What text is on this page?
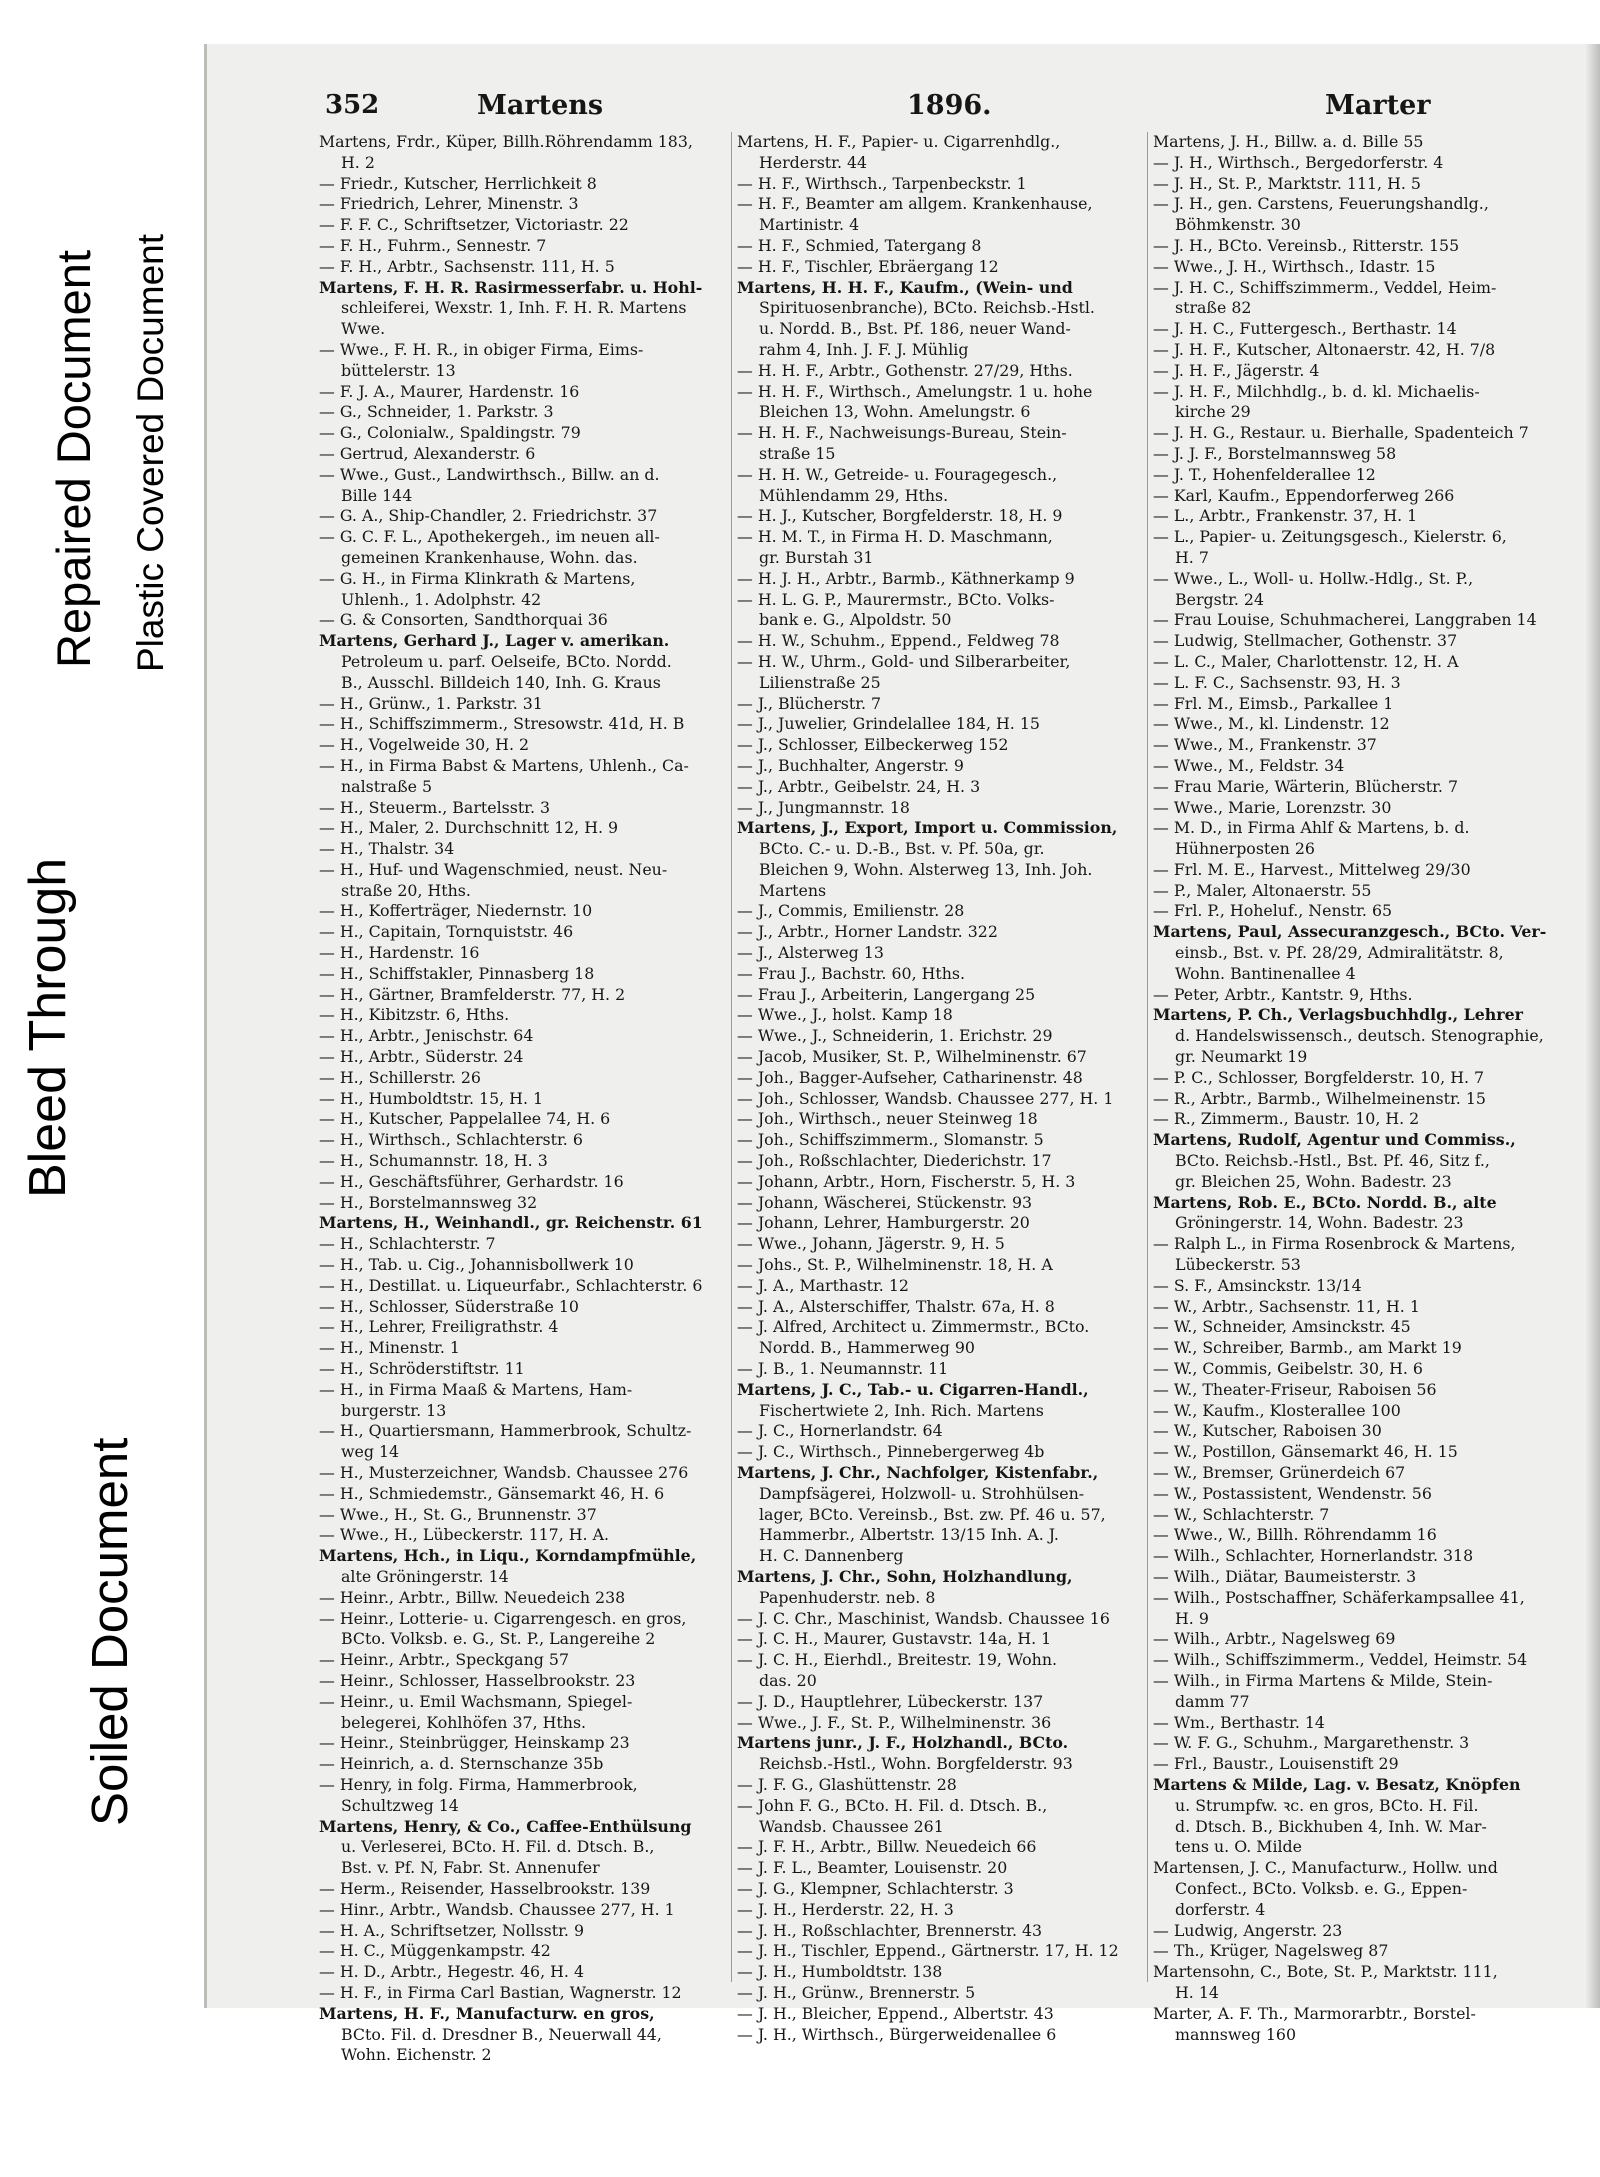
Bleed Through
Repaired Document Plastic Covered Document
Soiled Document
352	Martens	1896.	Marter
Martens, Frdr., Küper, Billh.Röhrendamm 183,
H. 2
— Friedr., Kutscher, Herrlichkeit 8
— Friedrich, Lehrer, Minenstr. 3
— F. F. C., Schriftsetzer, Victoriastr. 22
— F. H., Fuhrm., Sennestr. 7
— F. H., Arbtr., Sachsenstr. 111, H. 5
Martens, F. H. R. Rasirmesserfabr. u. Hohl-
schleiferei, Wexstr. 1, Inh. F. H. R. Martens
Wwe.
— Wwe., F. H. R., in obiger Firma, Eims-
büttelerstr. 13
— F. J. A., Maurer, Hardenstr. 16
— G., Schneider, 1. Parkstr. 3
— G., Colonialw., Spaldingstr. 79
— Gertrud, Alexanderstr. 6
— Wwe., Gust., Landwirthsch., Billw. an d.
Bille 144
— G. A., Ship-Chandler, 2. Friedrichstr. 37
— G. C. F. L., Apothekergeh., im neuen all-
gemeinen Krankenhause, Wohn. das.
— G. H., in Firma Klinkrath & Martens,
Uhlenh., 1. Adolphstr. 42
— G. & Consorten, Sandthorquai 36
Martens, Gerhard J., Lager v. amerikan.
Petroleum u. parf. Oelseife, BCto. Nordd.
B., Ausschl. Billdeich 140, Inh. G. Kraus
— H., Grünw., 1. Parkstr. 31
— H., Schiffszimmerm., Stresowstr. 41d, H. B
— H., Vogelweide 30, H. 2
— H., in Firma Babst & Martens, Uhlenh., Ca-
nalstraße 5
— H., Steuerm., Bartelsstr. 3
— H., Maler, 2. Durchschnitt 12, H. 9
— H., Thalstr. 34
— H., Huf- und Wagenschmied, neust. Neu-
straße 20, Hths.
— H., Kofferträger, Niedernstr. 10
— H., Capitain, Tornquiststr. 46
— H., Hardenstr. 16
— H., Schiffstakler, Pinnasberg 18
— H., Gärtner, Bramfelderstr. 77, H. 2
— H., Kibitzstr. 6, Hths.
— H., Arbtr., Jenischstr. 64
— H., Arbtr., Süderstr. 24
— H., Schillerstr. 26
— H., Humboldtstr. 15, H. 1
— H., Kutscher, Pappelallee 74, H. 6
— H., Wirthsch., Schlachterstr. 6
— H., Schumannstr. 18, H. 3
— H., Geschäftsführer, Gerhardstr. 16
— H., Borstelmannsweg 32
Martens, H., Weinhandl., gr. Reichenstr. 61
— H., Schlachterstr. 7
— H., Tab. u. Cig., Johannisbollwerk 10
— H., Destillat. u. Liqueurfabr., Schlachterstr. 6
— H., Schlosser, Süderstraße 10
— H., Lehrer, Freiligrathstr. 4
— H., Minenstr. 1
— H., Schröderstiftstr. 11
— H., in Firma Maaß & Martens, Ham-
burgerstr. 13
— H., Quartiersmann, Hammerbrook, Schultz-
weg 14
— H., Musterzeichner, Wandsb. Chaussee 276
— H., Schmiedemstr., Gänsemarkt 46, H. 6
— Wwe., H., St. G., Brunnenstr. 37
— Wwe., H., Lübeckerstr. 117, H. A.
Martens, Hch., in Liqu., Korndampfmühle,
alte Gröningerstr. 14
— Heinr., Arbtr., Billw. Neuedeich 238
— Heinr., Lotterie- u. Cigarrengesch. en gros,
BCto. Volksb. e. G., St. P., Langereihe 2
— Heinr., Arbtr., Speckgang 57
— Heinr., Schlosser, Hasselbrookstr. 23
— Heinr., u. Emil Wachsmann, Spiegel-
belegerei, Kohlhöfen 37, Hths.
— Heinr., Steinbrügger, Heinskamp 23
— Heinrich, a. d. Sternschanze 35b
— Henry, in folg. Firma, Hammerbrook,
Schultzweg 14
Martens, Henry, & Co., Caffee-Enthülsung
u. Verleserei, BCto. H. Fil. d. Dtsch. B.,
Bst. v. Pf. N, Fabr. St. Annenufer
— Herm., Reisender, Hasselbrookstr. 139
— Hinr., Arbtr., Wandsb. Chaussee 277, H. 1
— H. A., Schriftsetzer, Nollsstr. 9
— H. C., Müggenkampstr. 42
— H. D., Arbtr., Hegestr. 46, H. 4
— H. F., in Firma Carl Bastian, Wagnerstr. 12
Martens, H. F., Manufacturw. en gros,
BCto. Fil. d. Dresdner B., Neuerwall 44,
Wohn. Eichenstr. 2
Martens, H. F., Papier- u. Cigarrenhdlg.,
Herderstr. 44
— H. F., Wirthsch., Tarpenbeckstr. 1
— H. F., Beamter am allgem. Krankenhause,
Martinistr. 4
— H. F., Schmied, Tatergang 8
— H. F., Tischler, Ebräergang 12
Martens, H. H. F., Kaufm., (Wein- und
Spirituosenbranche), BCto. Reichsb.-Hstl.
u. Nordd. B., Bst. Pf. 186, neuer Wand-
rahm 4, Inh. J. F. J. Mühlig
— H. H. F., Arbtr., Gothenstr. 27/29, Hths.
— H. H. F., Wirthsch., Amelungstr. 1 u. hohe
Bleichen 13, Wohn. Amelungstr. 6
— H. H. F., Nachweisungs-Bureau, Stein-
straße 15
— H. H. W., Getreide- u. Fouragegesch.,
Mühlendamm 29, Hths.
— H. J., Kutscher, Borgfelderstr. 18, H. 9
— H. M. T., in Firma H. D. Maschmann,
gr. Burstah 31
— H. J. H., Arbtr., Barmb., Käthnerkamp 9
— H. L. G. P., Maurermstr., BCto. Volks-
bank e. G., Alpoldstr. 50
— H. W., Schuhm., Eppend., Feldweg 78
— H. W., Uhrm., Gold- und Silberarbeiter,
Lilienstraße 25
— J., Blücherstr. 7
— J., Juwelier, Grindelallee 184, H. 15
— J., Schlosser, Eilbeckerweg 152
— J., Buchhalter, Angerstr. 9
— J., Arbtr., Geibelstr. 24, H. 3
— J., Jungmannstr. 18
Martens, J., Export, Import u. Commission,
BCto. C.- u. D.-B., Bst. v. Pf. 50a, gr.
Bleichen 9, Wohn. Alsterweg 13, Inh. Joh.
Martens
— J., Commis, Emilienstr. 28
— J., Arbtr., Horner Landstr. 322
— J., Alsterweg 13
— Frau J., Bachstr. 60, Hths.
— Frau J., Arbeiterin, Langergang 25
— Wwe., J., holst. Kamp 18
— Wwe., J., Schneiderin, 1. Erichstr. 29
— Jacob, Musiker, St. P., Wilhelminenstr. 67
— Joh., Bagger-Aufseher, Catharinenstr. 48
— Joh., Schlosser, Wandsb. Chaussee 277, H. 1
— Joh., Wirthsch., neuer Steinweg 18
— Joh., Schiffszimmerm., Slomanstr. 5
— Joh., Roßschlachter, Diederichstr. 17
— Johann, Arbtr., Horn, Fischerstr. 5, H. 3
— Johann, Wäscherei, Stückenstr. 93
— Johann, Lehrer, Hamburgerstr. 20
— Wwe., Johann, Jägerstr. 9, H. 5
— Johs., St. P., Wilhelminenstr. 18, H. A
— J. A., Marthastr. 12
— J. A., Alsterschiffer, Thalstr. 67a, H. 8
— J. Alfred, Architect u. Zimmermstr., BCto.
Nordd. B., Hammerweg 90
— J. B., 1. Neumannstr. 11
Martens, J. C., Tab.- u. Cigarren-Handl.,
Fischertwiete 2, Inh. Rich. Martens
— J. C., Hornerlandstr. 64
— J. C., Wirthsch., Pinnebergerweg 4b
Martens, J. Chr., Nachfolger, Kistenfabr.,
Dampfsägerei, Holzwoll- u. Strohhülsen-
lager, BCto. Vereinsb., Bst. zw. Pf. 46 u. 57,
Hammerbr., Albertstr. 13/15 Inh. A. J.
H. C. Dannenberg
Martens, J. Chr., Sohn, Holzhandlung,
Papenhuderstr. neb. 8
— J. C. Chr., Maschinist, Wandsb. Chaussee 16
— J. C. H., Maurer, Gustavstr. 14a, H. 1
— J. C. H., Eierhdl., Breitestr. 19, Wohn.
das. 20
— J. D., Hauptlehrer, Lübeckerstr. 137
— Wwe., J. F., St. P., Wilhelminenstr. 36
Martens junr., J. F., Holzhandl., BCto.
Reichsb.-Hstl., Wohn. Borgfelderstr. 93
— J. F. G., Glashüttenstr. 28
— John F. G., BCto. H. Fil. d. Dtsch. B.,
Wandsb. Chaussee 261
— J. F. H., Arbtr., Billw. Neuedeich 66
— J. F. L., Beamter, Louisenstr. 20
— J. G., Klempner, Schlachterstr. 3
— J. H., Herderstr. 22, H. 3
— J. H., Roßschlachter, Brennerstr. 43
— J. H., Tischler, Eppend., Gärtnerstr. 17, H. 12
— J. H., Humboldtstr. 138
— J. H., Grünw., Brennerstr. 5
— J. H., Bleicher, Eppend., Albertstr. 43
— J. H., Wirthsch., Bürgerweidenallee 6
Martens, J. H., Billw. a. d. Bille 55
— J. H., Wirthsch., Bergedorferstr. 4
— J. H., St. P., Marktstr. 111, H. 5
— J. H., gen. Carstens, Feuerungshandlg.,
Böhmkenstr. 30
— J. H., BCto. Vereinsb., Ritterstr. 155
— Wwe., J. H., Wirthsch., Idastr. 15
— J. H. C., Schiffszimmerm., Veddel, Heim-
straße 82
— J. H. C., Futtergesch., Berthastr. 14
— J. H. F., Kutscher, Altonaerstr. 42, H. 7/8
— J. H. F., Jägerstr. 4
— J. H. F., Milchhdlg., b. d. kl. Michaelis-
kirche 29
— J. H. G., Restaur. u. Bierhalle, Spadenteich 7
— J. J. F., Borstelmannsweg 58
— J. T., Hohenfelderallee 12
— Karl, Kaufm., Eppendorferweg 266
— L., Arbtr., Frankenstr. 37, H. 1
— L., Papier- u. Zeitungsgesch., Kielerstr. 6,
H. 7
— Wwe., L., Woll- u. Hollw.-Hdlg., St. P.,
Bergstr. 24
— Frau Louise, Schuhmacherei, Langgraben 14
— Ludwig, Stellmacher, Gothenstr. 37
— L. C., Maler, Charlottenstr. 12, H. A
— L. F. C., Sachsenstr. 93, H. 3
— Frl. M., Eimsb., Parkallee 1
— Wwe., M., kl. Lindenstr. 12
— Wwe., M., Frankenstr. 37
— Wwe., M., Feldstr. 34
— Frau Marie, Wärterin, Blücherstr. 7
— Wwe., Marie, Lorenzstr. 30
— M. D., in Firma Ahlf & Martens, b. d.
Hühnerposten 26
— Frl. M. E., Harvest., Mittelweg 29/30
— P., Maler, Altonaerstr. 55
— Frl. P., Hoheluf., Nenstr. 65
Martens, Paul, Assecuranzgesch., BCto. Ver-
einsb., Bst. v. Pf. 28/29, Admiralitätstr. 8,
Wohn. Bantinenallee 4
— Peter, Arbtr., Kantstr. 9, Hths.
Martens, P. Ch., Verlagsbuchhdlg., Lehrer
d. Handelswissensch., deutsch. Stenographie,
gr. Neumarkt 19
— P. C., Schlosser, Borgfelderstr. 10, H. 7
— R., Arbtr., Barmb., Wilhelmeinenstr. 15
— R., Zimmerm., Baustr. 10, H. 2
Martens, Rudolf, Agentur und Commiss.,
BCto. Reichsb.-Hstl., Bst. Pf. 46, Sitz f.,
gr. Bleichen 25, Wohn. Badestr. 23
Martens, Rob. E., BCto. Nordd. B., alte
Gröningerstr. 14, Wohn. Badestr. 23
— Ralph L., in Firma Rosenbrock & Martens,
Lübeckerstr. 53
— S. F., Amsinckstr. 13/14
— W., Arbtr., Sachsenstr. 11, H. 1
— W., Schneider, Amsinckstr. 45
— W., Schreiber, Barmb., am Markt 19
— W., Commis, Geibelstr. 30, H. 6
— W., Theater-Friseur, Raboisen 56
— W., Kaufm., Klosterallee 100
— W., Kutscher, Raboisen 30
— W., Postillon, Gänsemarkt 46, H. 15
— W., Bremser, Grünerdeich 67
— W., Postassistent, Wendenstr. 56
— W., Schlachterstr. 7
— Wwe., W., Billh. Röhrendamm 16
— Wilh., Schlachter, Hornerlandstr. 318
— Wilh., Diätar, Baumeisterstr. 3
— Wilh., Postschaffner, Schäferkampsallee 41,
H. 9
— Wilh., Arbtr., Nagelsweg 69
— Wilh., Schiffszimmerm., Veddel, Heimstr. 54
— Wilh., in Firma Martens & Milde, Stein-
damm 77
— Wm., Berthastr. 14
— W. F. G., Schuhm., Margarethenstr. 3
— Frl., Baustr., Louisenstift 29
Martens & Milde, Lag. v. Besatz, Knöpfen
u. Strumpfw. ꝛc. en gros, BCto. H. Fil.
d. Dtsch. B., Bickhuben 4, Inh. W. Mar-
tens u. O. Milde
Martensen, J. C., Manufacturw., Hollw. und
Confect., BCto. Volksb. e. G., Eppen-
dorferstr. 4
— Ludwig, Angerstr. 23
— Th., Krüger, Nagelsweg 87
Martensohn, C., Bote, St. P., Marktstr. 111,
H. 14
Marter, A. F. Th., Marmorarbtr., Borstel-
mannsweg 160
